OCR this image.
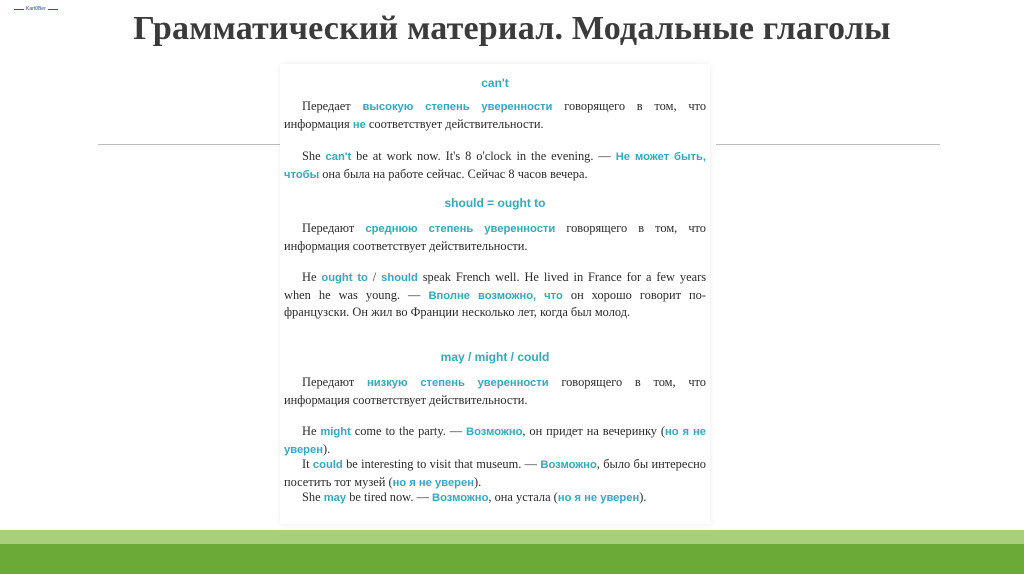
Kart0Ber
Грамматический материал. Модальные глаголы

can't

Передает высокую степень уверенности говорящего в том, что информация не соответствует действительности.

She can't be at work now. It's 8 o'clock in the evening. — Не может быть, чтобы она была на работе сейчас. Сейчас 8 часов вечера.

should = ought to

Передают среднюю степень уверенности говорящего в том, что информация соответствует действительности.

He ought to / should speak French well. He lived in France for a few years when he was young. — Вполне возможно, что он хорошо говорит по-французски. Он жил во Франции несколько лет, когда был молод.

may / might / could

Передают низкую степень уверенности говорящего в том, что информация соответствует действительности.

He might come to the party. — Возможно, он придет на вечеринку (но я не уверен).

It could be interesting to visit that museum. — Возможно, было бы интересно посетить тот музей (но я не уверен).

She may be tired now. — Возможно, она устала (но я не уверен).
